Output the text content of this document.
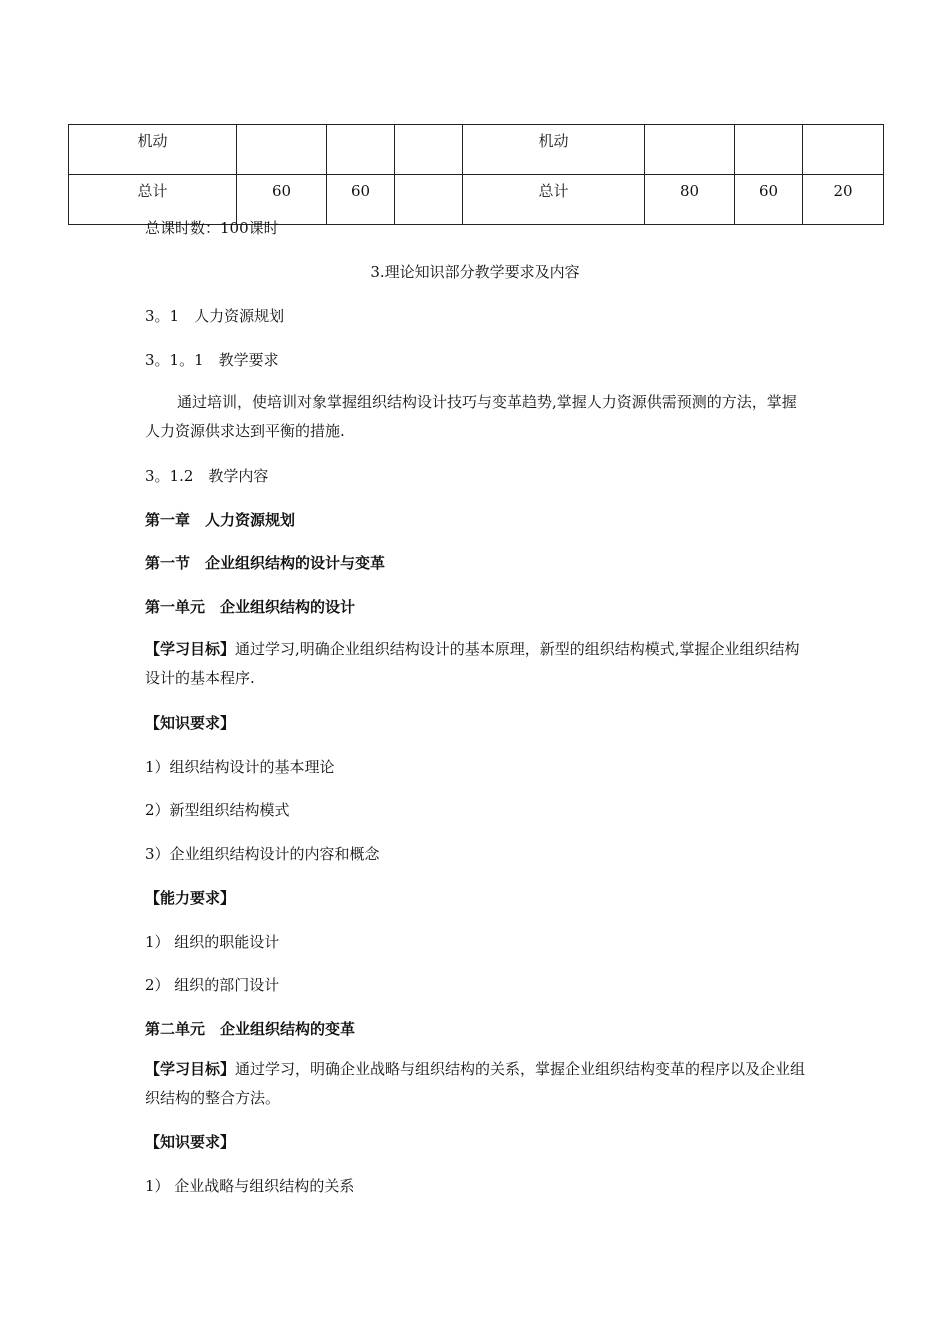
机动				机动			
总计	60	60		总计	80	60	20
总课时数：100课时
3.理论知识部分教学要求及内容
3。1　人力资源规划
3。1。1　教学要求
通过培训，使培训对象掌握组织结构设计技巧与变革趋势,掌握人力资源供需预测的方法，掌握人力资源供求达到平衡的措施.
3。1.2　教学内容
第一章　人力资源规划
第一节　企业组织结构的设计与变革
第一单元　企业组织结构的设计
【学习目标】通过学习,明确企业组织结构设计的基本原理，新型的组织结构模式,掌握企业组织结构设计的基本程序.
【知识要求】
1）组织结构设计的基本理论
2）新型组织结构模式
3）企业组织结构设计的内容和概念
【能力要求】
1） 组织的职能设计
2） 组织的部门设计
第二单元　企业组织结构的变革
【学习目标】通过学习，明确企业战略与组织结构的关系，掌握企业组织结构变革的程序以及企业组织结构的整合方法。
【知识要求】
1） 企业战略与组织结构的关系
